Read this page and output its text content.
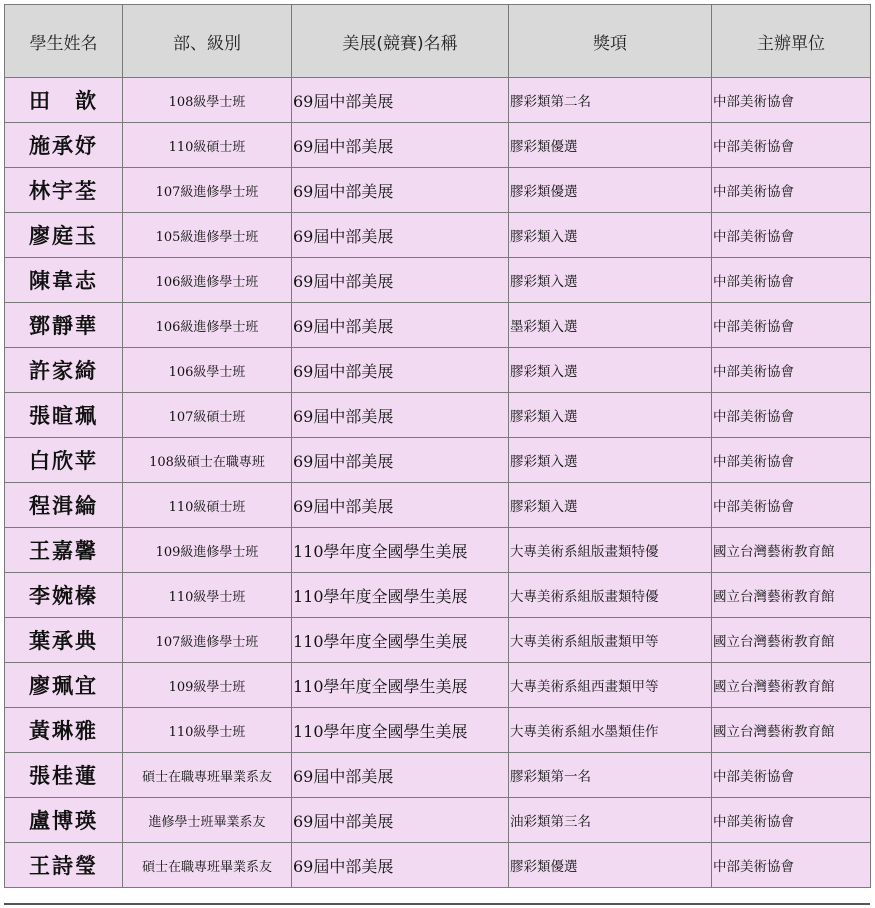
學生姓名	部、級別	美展(競賽)名稱	獎項	主辦單位
田　歆	108級學士班	69屆中部美展	膠彩類第二名	中部美術協會
施承妤	110級碩士班	69屆中部美展	膠彩類優選	中部美術協會
林宇荃	107級進修學士班	69屆中部美展	膠彩類優選	中部美術協會
廖庭玉	105級進修學士班	69屆中部美展	膠彩類入選	中部美術協會
陳韋志	106級進修學士班	69屆中部美展	膠彩類入選	中部美術協會
鄧靜華	106級進修學士班	69屆中部美展	墨彩類入選	中部美術協會
許家綺	106級學士班	69屆中部美展	膠彩類入選	中部美術協會
張暄珮	107級碩士班	69屆中部美展	膠彩類入選	中部美術協會
白欣苹	108級碩士在職專班	69屆中部美展	膠彩類入選	中部美術協會
程湒綸	110級碩士班	69屆中部美展	膠彩類入選	中部美術協會
王嘉馨	109級進修學士班	110學年度全國學生美展	大專美術系組版畫類特優	國立台灣藝術教育館
李婉榛	110級學士班	110學年度全國學生美展	大專美術系組版畫類特優	國立台灣藝術教育館
葉承典	107級進修學士班	110學年度全國學生美展	大專美術系組版畫類甲等	國立台灣藝術教育館
廖珮宜	109級學士班	110學年度全國學生美展	大專美術系組西畫類甲等	國立台灣藝術教育館
黃琳雅	110級學士班	110學年度全國學生美展	大專美術系組水墨類佳作	國立台灣藝術教育館
張桂蓮	碩士在職專班畢業系友	69屆中部美展	膠彩類第一名	中部美術協會
盧博瑛	進修學士班畢業系友	69屆中部美展	油彩類第三名	中部美術協會
王詩瑩	碩士在職專班畢業系友	69屆中部美展	膠彩類優選	中部美術協會
